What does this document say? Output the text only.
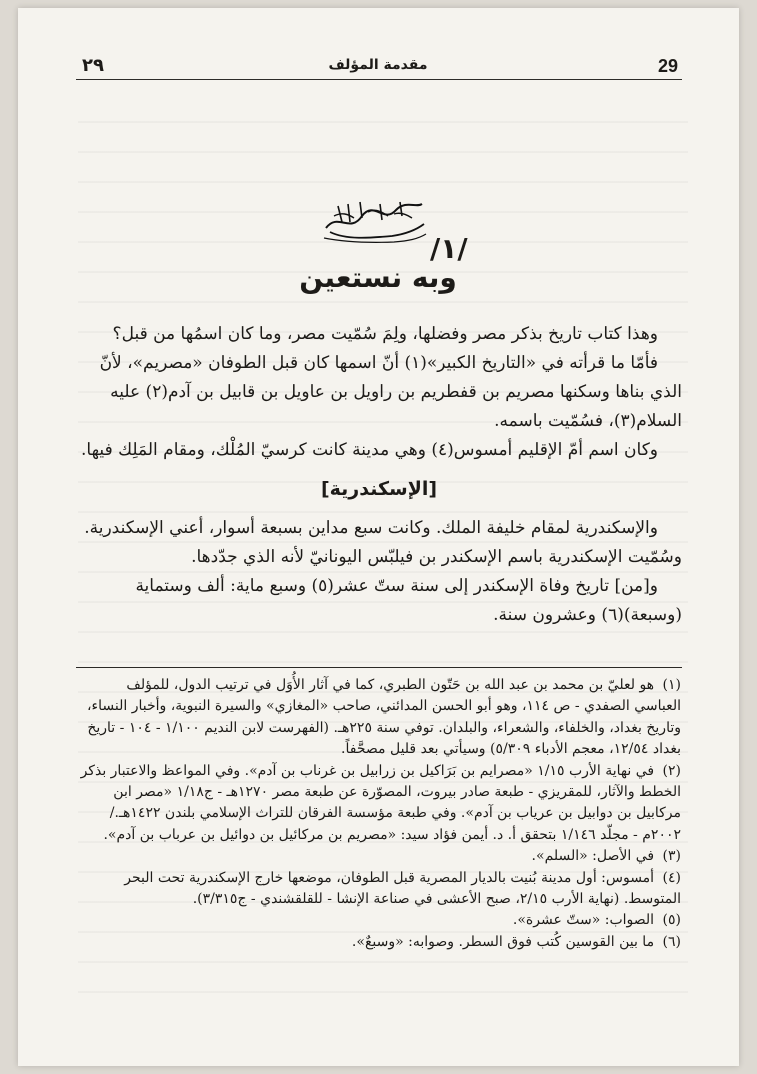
29
مقدمة المؤلف
٢٩
/١/
وبه نستعين

وهذا كتاب تاريخ بذكر مصر وفضلها، ولِمَ سُمّيت مصر، وما كان اسمُها من قبل؟

فأمّا ما قرأته في «التاريخ الكبير»(١) أنّ اسمها كان قبل الطوفان «مصريم»، لأنّ الذي بناها وسكنها مصريم بن قفطريم بن راويل بن عاويل بن قابيل بن آدم(٢) عليه السلام(٣)، فسُمّيت باسمه.

وكان اسم أمّ الإقليم أمسوس(٤) وهي مدينة كانت كرسيّ المُلْك، ومقام المَلِك فيها.

[الإسكندرية]

والإسكندرية لمقام خليفة الملك. وكانت سبع مداين بسبعة أسوار، أعني الإسكندرية. وسُمّيت الإسكندرية باسم الإسكندر بن فيلبّس اليونانيّ لأنه الذي جدّدها.

و[من] تاريخ وفاة الإسكندر إلى سنة ستّ عشر(٥) وسبع ماية: ألف وستماية (وسبعة)(٦) وعشرون سنة.

(١) هو لعليّ بن محمد بن عبد الله بن حَتّون الطبري، كما في آثار الأُوَل في ترتيب الدول، للمؤلف العباسي الصفدي - ص ١١٤، وهو أبو الحسن المدائني، صاحب «المغازي» والسيرة النبوية، وأخبار النساء، وتاريخ بغداد، والخلفاء، والشعراء، والبلدان. توفي سنة ٢٢٥هـ. (الفهرست لابن النديم ١/١٠٠ - ١٠٤ - تاريخ بغداد ١٢/٥٤، معجم الأدباء ٥/٣٠٩) وسيأتي بعد قليل مصحَّفاً.

(٢) في نهاية الأرب ١/١٥ «مصرايم بن بَرَاكيل بن زرابيل بن غرناب بن آدم». وفي المواعظ والاعتبار بذكر الخطط والآثار، للمقريزي - طبعة صادر بيروت، المصوّرة عن طبعة مصر ١٢٧٠هـ - ج١/١٨ «مصر ابن مركابيل بن دوابيل بن عرياب بن آدم». وفي طبعة مؤسسة الفرقان للتراث الإسلامي بلندن ١٤٢٢هـ./٢٠٠٢م - مجلّد ١/١٤٦ بتحقق أ. د. أيمن فؤاد سيد: «مصريم بن مركائيل بن دوائيل بن عرباب بن آدم».

(٣) في الأصل: «السلم».

(٤) أمسوس: أول مدينة بُنيت بالديار المصرية قبل الطوفان، موضعها خارج الإسكندرية تحت البحر المتوسط. (نهاية الأرب ٢/١٥، صبح الأعشى في صناعة الإنشا - للقلقشندي - ج٣/٣١٥).

(٥) الصواب: «ستّ عشرة».

(٦) ما بين القوسين كُتب فوق السطر. وصوابه: «وسبعٌ».
